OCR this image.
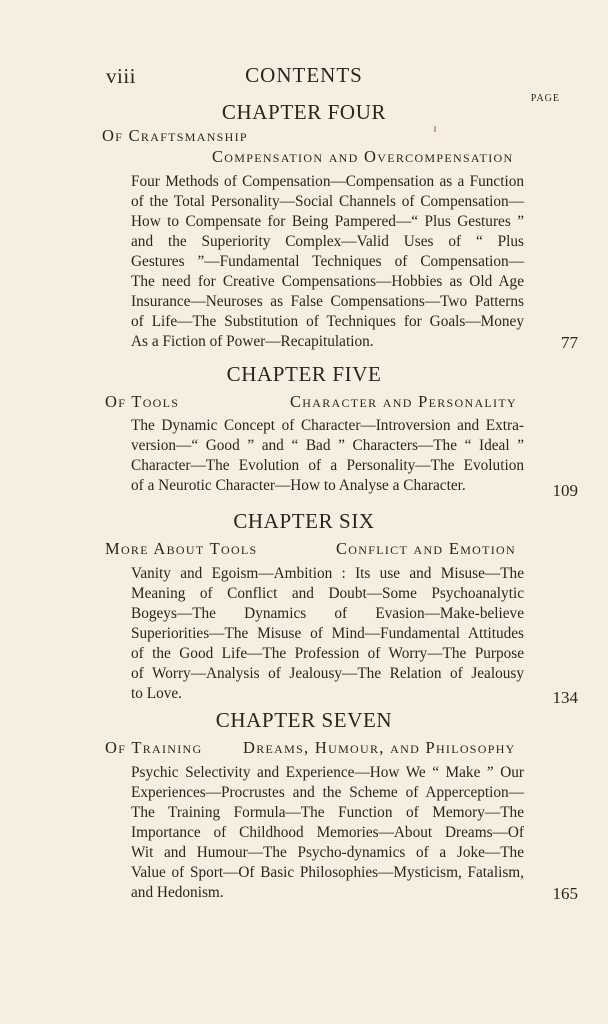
viii	CONTENTS
PAGE
CHAPTER FOUR
Of Craftsmanship
Compensation and Overcompensation
Four Methods of Compensation—Compensation as a Function
of the Total Personality—Social Channels of Compensation—
How to Compensate for Being Pampered—“ Plus Gestures ”
and the Superiority Complex—Valid Uses of “ Plus
Gestures ”—Fundamental Techniques of Compensation—
The need for Creative Compensations—Hobbies as Old Age
Insurance—Neuroses as False Compensations—Two Patterns
of Life—The Substitution of Techniques for Goals—Money
As a Fiction of Power—Recapitulation.	77
CHAPTER FIVE
Of Tools	Character and Personality
The Dynamic Concept of Character—Introversion and Extra-
version—“ Good ” and “ Bad ” Characters—The “ Ideal ”
Character—The Evolution of a Personality—The Evolution
of a Neurotic Character—How to Analyse a Character.	109
CHAPTER SIX
More About Tools	Conflict and Emotion
Vanity and Egoism—Ambition : Its use and Misuse—The
Meaning of Conflict and Doubt—Some Psychoanalytic
Bogeys—The Dynamics of Evasion—Make-believe
Superiorities—The Misuse of Mind—Fundamental Attitudes
of the Good Life—The Profession of Worry—The Purpose
of Worry—Analysis of Jealousy—The Relation of Jealousy
to Love.	134
CHAPTER SEVEN
Of Training Dreams, Humour, and Philosophy
Psychic Selectivity and Experience—How We “ Make ” Our
Experiences—Procrustes and the Scheme of Apperception—
The Training Formula—The Function of Memory—The
Importance of Childhood Memories—About Dreams—Of
Wit and Humour—The Psycho-dynamics of a Joke—The
Value of Sport—Of Basic Philosophies—Mysticism, Fatalism,
and Hedonism.	165
